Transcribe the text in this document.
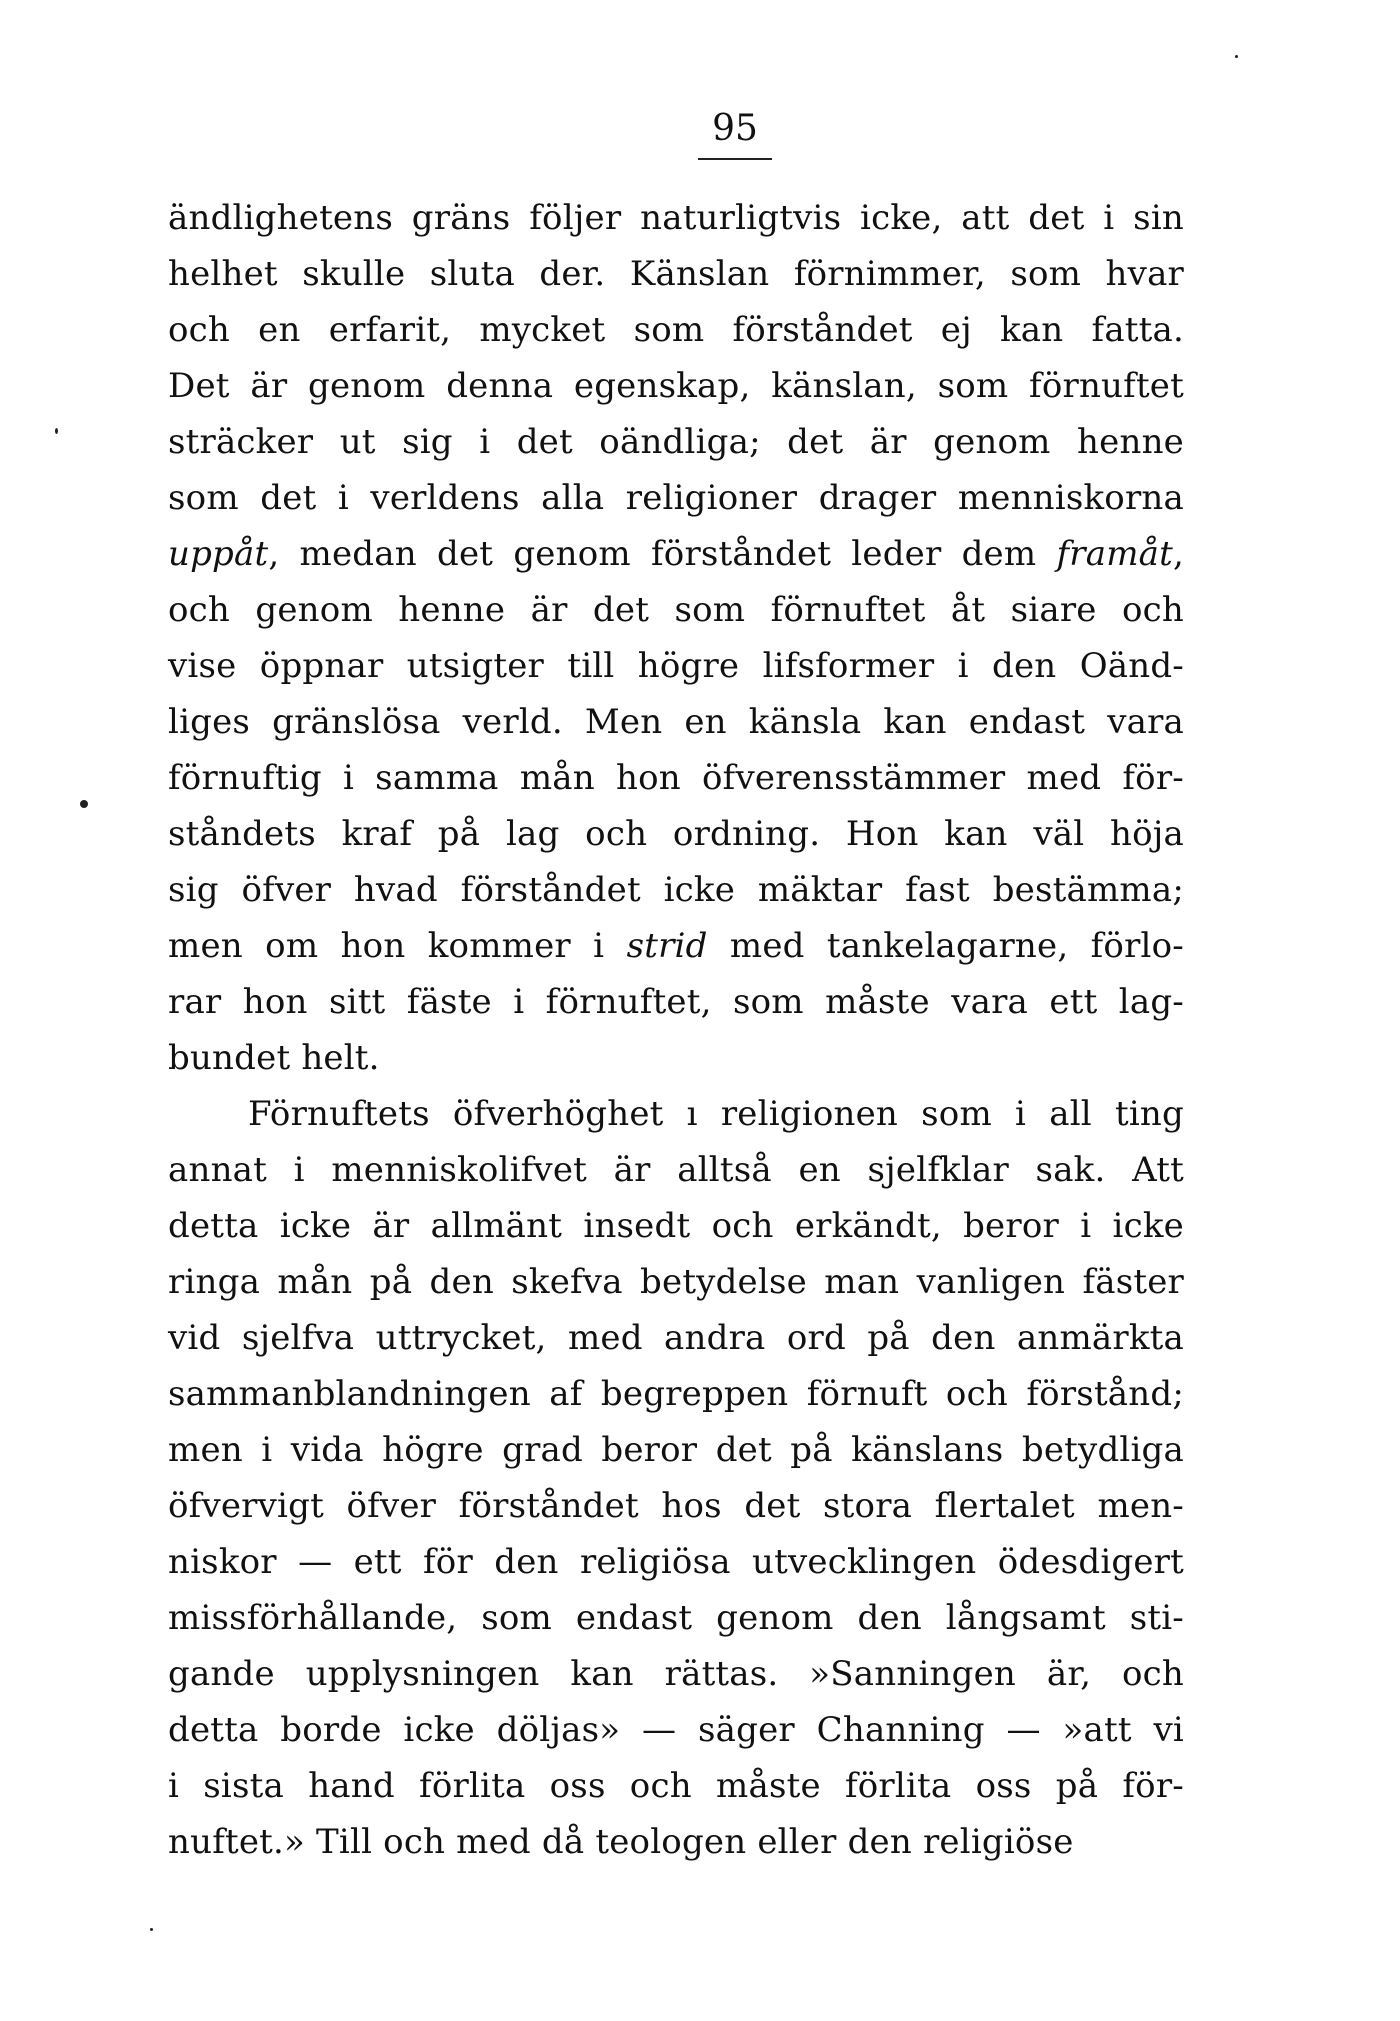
95
ändlighetens gräns följer naturligtvis icke, att det i sin
helhet skulle sluta der. Känslan förnimmer, som hvar
och en erfarit, mycket som förståndet ej kan fatta.
Det är genom denna egenskap, känslan, som förnuftet
sträcker ut sig i det oändliga; det är genom henne
som det i verldens alla religioner drager menniskorna
uppåt, medan det genom förståndet leder dem framåt,
och genom henne är det som förnuftet åt siare och
vise öppnar utsigter till högre lifsformer i den Oänd-
liges gränslösa verld. Men en känsla kan endast vara
förnuftig i samma mån hon öfverensstämmer med för-
ståndets kraf på lag och ordning. Hon kan väl höja
sig öfver hvad förståndet icke mäktar fast bestämma;
men om hon kommer i strid med tankelagarne, förlo-
rar hon sitt fäste i förnuftet, som måste vara ett lag-
bundet helt.
Förnuftets öfverhöghet ı religionen som i all ting
annat i menniskolifvet är alltså en sjelfklar sak. Att
detta icke är allmänt insedt och erkändt, beror i icke
ringa mån på den skefva betydelse man vanligen fäster
vid sjelfva uttrycket, med andra ord på den anmärkta
sammanblandningen af begreppen förnuft och förstånd;
men i vida högre grad beror det på känslans betydliga
öfvervigt öfver förståndet hos det stora flertalet men-
niskor — ett för den religiösa utvecklingen ödesdigert
missförhållande, som endast genom den långsamt sti-
gande upplysningen kan rättas. »Sanningen är, och
detta borde icke döljas» — säger Channing — »att vi
i sista hand förlita oss och måste förlita oss på för-
nuftet.» Till och med då teologen eller den religiöse
